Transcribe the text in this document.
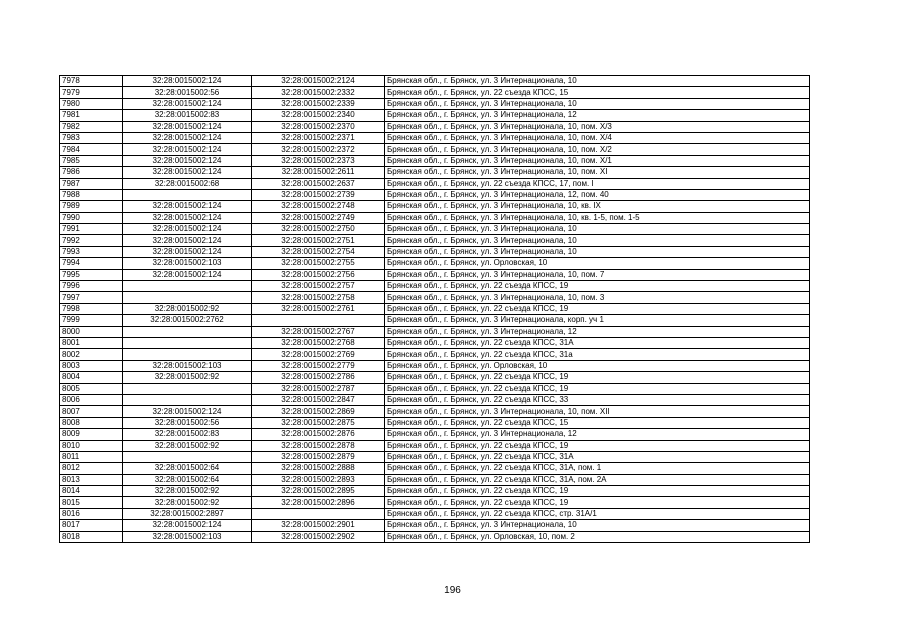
7978	32:28:0015002:124	32:28:0015002:2124	Брянская обл., г. Брянск, ул. 3 Интернационала, 10
7979	32:28:0015002:56	32:28:0015002:2332	Брянская обл., г. Брянск, ул. 22 съезда КПСС, 15
7980	32:28:0015002:124	32:28:0015002:2339	Брянская обл., г. Брянск, ул. 3 Интернационала, 10
7981	32:28:0015002:83	32:28:0015002:2340	Брянская обл., г. Брянск, ул. 3 Интернационала, 12
7982	32:28:0015002:124	32:28:0015002:2370	Брянская обл., г. Брянск, ул. 3 Интернационала, 10, пом. Х/3
7983	32:28:0015002:124	32:28:0015002:2371	Брянская обл., г. Брянск, ул. 3 Интернационала, 10, пом. Х/4
7984	32:28:0015002:124	32:28:0015002:2372	Брянская обл., г. Брянск, ул. 3 Интернационала, 10, пом. Х/2
7985	32:28:0015002:124	32:28:0015002:2373	Брянская обл., г. Брянск, ул. 3 Интернационала, 10, пом. Х/1
7986	32:28:0015002:124	32:28:0015002:2611	Брянская обл., г. Брянск, ул. 3 Интернационала, 10, пом. XI
7987	32:28:0015002:68	32:28:0015002:2637	Брянская обл., г. Брянск, ул. 22 съезда КПСС, 17, пом. I
7988		32:28:0015002:2739	Брянская обл., г. Брянск, ул. 3 Интернационала, 12, пом. 40
7989	32:28:0015002:124	32:28:0015002:2748	Брянская обл., г. Брянск, ул. 3 Интернационала, 10, кв. IX
7990	32:28:0015002:124	32:28:0015002:2749	Брянская обл., г. Брянск, ул. 3 Интернационала, 10, кв. 1-5, пом. 1-5
7991	32:28:0015002:124	32:28:0015002:2750	Брянская обл., г. Брянск, ул. 3 Интернационала, 10
7992	32:28:0015002:124	32:28:0015002:2751	Брянская обл., г. Брянск, ул. 3 Интернационала, 10
7993	32:28:0015002:124	32:28:0015002:2754	Брянская обл., г. Брянск, ул. 3 Интернационала, 10
7994	32:28:0015002:103	32:28:0015002:2755	Брянская обл., г. Брянск, ул. Орловская, 10
7995	32:28:0015002:124	32:28:0015002:2756	Брянская обл., г. Брянск, ул. 3 Интернационала, 10, пом. 7
7996		32:28:0015002:2757	Брянская обл., г. Брянск, ул. 22 съезда КПСС, 19
7997		32:28:0015002:2758	Брянская обл., г. Брянск, ул. 3 Интернационала, 10, пом. 3
7998	32:28:0015002:92	32:28:0015002:2761	Брянская обл., г. Брянск, ул. 22 съезда КПСС, 19
7999	32:28:0015002:2762		Брянская обл., г. Брянск, ул. 3 Интернационала, корп. уч 1
8000		32:28:0015002:2767	Брянская обл., г. Брянск, ул. 3 Интернационала, 12
8001		32:28:0015002:2768	Брянская обл., г. Брянск, ул. 22 съезда КПСС, 31А
8002		32:28:0015002:2769	Брянская обл., г. Брянск, ул. 22 съезда КПСС, 31а
8003	32:28:0015002:103	32:28:0015002:2779	Брянская обл., г. Брянск, ул. Орловская, 10
8004	32:28:0015002:92	32:28:0015002:2786	Брянская обл., г. Брянск, ул. 22 съезда КПСС, 19
8005		32:28:0015002:2787	Брянская обл., г. Брянск, ул. 22 съезда КПСС, 19
8006		32:28:0015002:2847	Брянская обл., г. Брянск, ул. 22 съезда КПСС, 33
8007	32:28:0015002:124	32:28:0015002:2869	Брянская обл., г. Брянск, ул. 3 Интернационала, 10, пом. XII
8008	32:28:0015002:56	32:28:0015002:2875	Брянская обл., г. Брянск, ул. 22 съезда КПСС, 15
8009	32:28:0015002:83	32:28:0015002:2876	Брянская обл., г. Брянск, ул. 3 Интернационала, 12
8010	32:28:0015002:92	32:28:0015002:2878	Брянская обл., г. Брянск, ул. 22 съезда КПСС, 19
8011		32:28:0015002:2879	Брянская обл., г. Брянск, ул. 22 съезда КПСС, 31А
8012	32:28:0015002:64	32:28:0015002:2888	Брянская обл., г. Брянск, ул. 22 съезда КПСС, 31А, пом. 1
8013	32:28:0015002:64	32:28:0015002:2893	Брянская обл., г. Брянск, ул. 22 съезда КПСС, 31А, пом. 2А
8014	32:28:0015002:92	32:28:0015002:2895	Брянская обл., г. Брянск, ул. 22 съезда КПСС, 19
8015	32:28:0015002:92	32:28:0015002:2896	Брянская обл., г. Брянск, ул. 22 съезда КПСС, 19
8016	32:28:0015002:2897		Брянская обл., г. Брянск, ул. 22 съезда КПСС, стр. 31А/1
8017	32:28:0015002:124	32:28:0015002:2901	Брянская обл., г. Брянск, ул. 3 Интернационала, 10
8018	32:28:0015002:103	32:28:0015002:2902	Брянская обл., г. Брянск, ул. Орловская, 10, пом. 2
196
